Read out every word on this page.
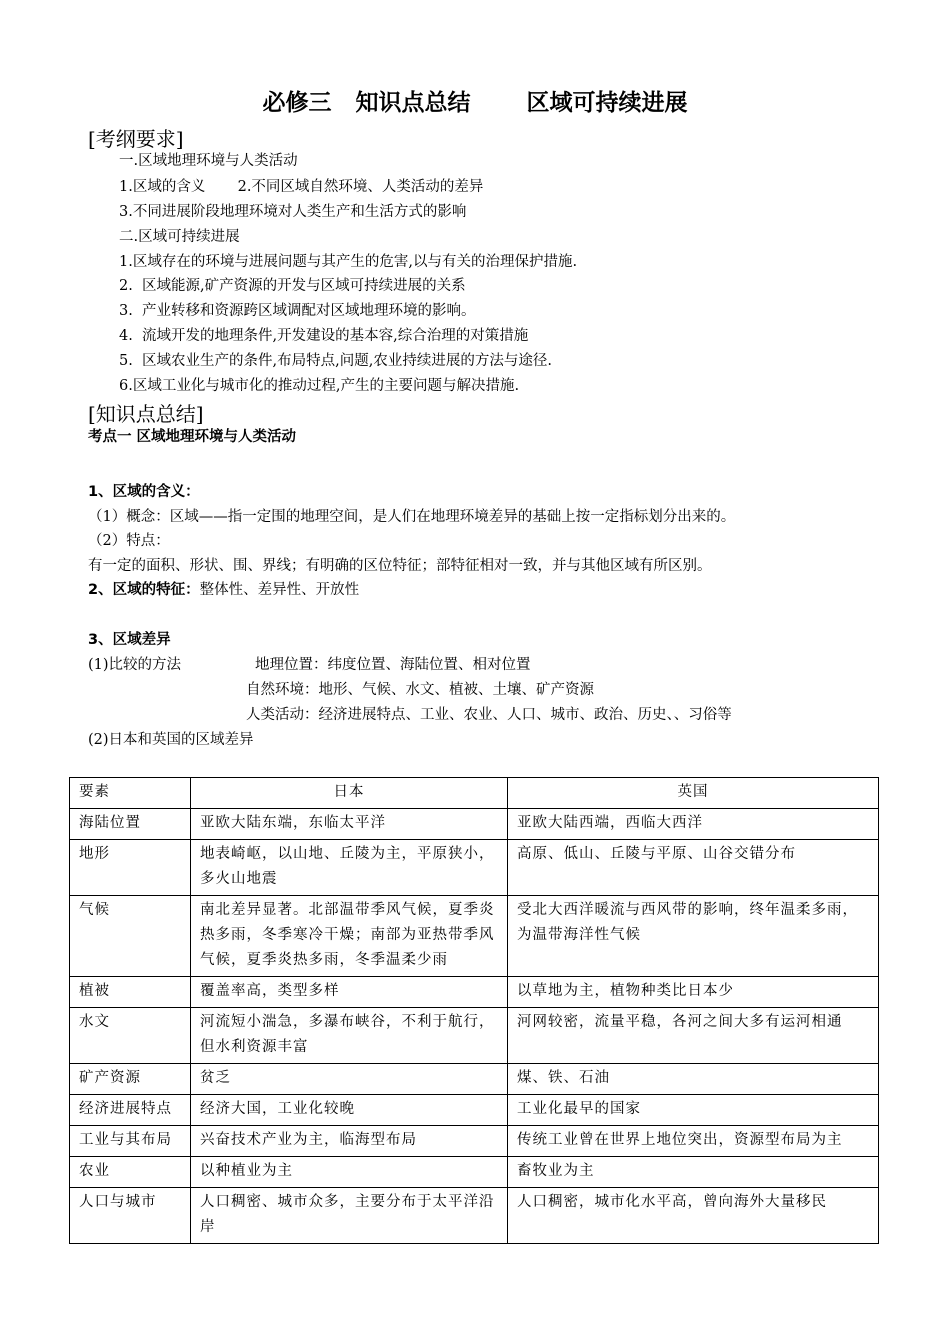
必修三   知识点总结       区域可持续进展
[考纲要求]
一.区域地理环境与人类活动
1.区域的含义       2.不同区域自然环境、人类活动的差异
3.不同进展阶段地理环境对人类生产和生活方式的影响
二.区域可持续进展
1.区域存在的环境与进展问题与其产生的危害,以与有关的治理保护措施.
2.  区域能源,矿产资源的开发与区域可持续进展的关系
3.  产业转移和资源跨区域调配对区域地理环境的影响。
4.  流域开发的地理条件,开发建设的基本容,综合治理的对策措施
5.  区域农业生产的条件,布局特点,问题,农业持续进展的方法与途径.
6.区域工业化与城市化的推动过程,产生的主要问题与解决措施.
[知识点总结]
考点一 区域地理环境与人类活动
1、区域的含义：
（1）概念：区域——指一定围的地理空间，是人们在地理环境差异的基础上按一定指标划分出来的。
（2）特点：
有一定的面积、形状、围、界线；有明确的区位特征；部特征相对一致，并与其他区域有所区别。
2、区域的特征：整体性、差异性、开放性
3、区域差异
(1)比较的方法	地理位置：纬度位置、海陆位置、相对位置
自然环境：地形、气候、水文、植被、土壤、矿产资源
人类活动：经济进展特点、工业、农业、人口、城市、政治、历史、、习俗等
(2)日本和英国的区域差异
要素	日本	英国
海陆位置	亚欧大陆东端，东临太平洋	亚欧大陆西端，西临大西洋
地形	地表崎岖，以山地、丘陵为主，平原狭小，多火山地震	高原、低山、丘陵与平原、山谷交错分布
气候	南北差异显著。北部温带季风气候，夏季炎热多雨，冬季寒冷干燥；南部为亚热带季风气候，夏季炎热多雨，冬季温柔少雨	受北大西洋暖流与西风带的影响，终年温柔多雨，为温带海洋性气候
植被	覆盖率高，类型多样	以草地为主，植物种类比日本少
水文	河流短小湍急，多瀑布峡谷，不利于航行，但水利资源丰富	河网较密，流量平稳，各河之间大多有运河相通
矿产资源	贫乏	煤、铁、石油
经济进展特点	经济大国，工业化较晚	工业化最早的国家
工业与其布局	兴奋技术产业为主，临海型布局	传统工业曾在世界上地位突出，资源型布局为主
农业	以种植业为主	畜牧业为主
人口与城市	人口稠密、城市众多，主要分布于太平洋沿岸	人口稠密，城市化水平高，曾向海外大量移民
